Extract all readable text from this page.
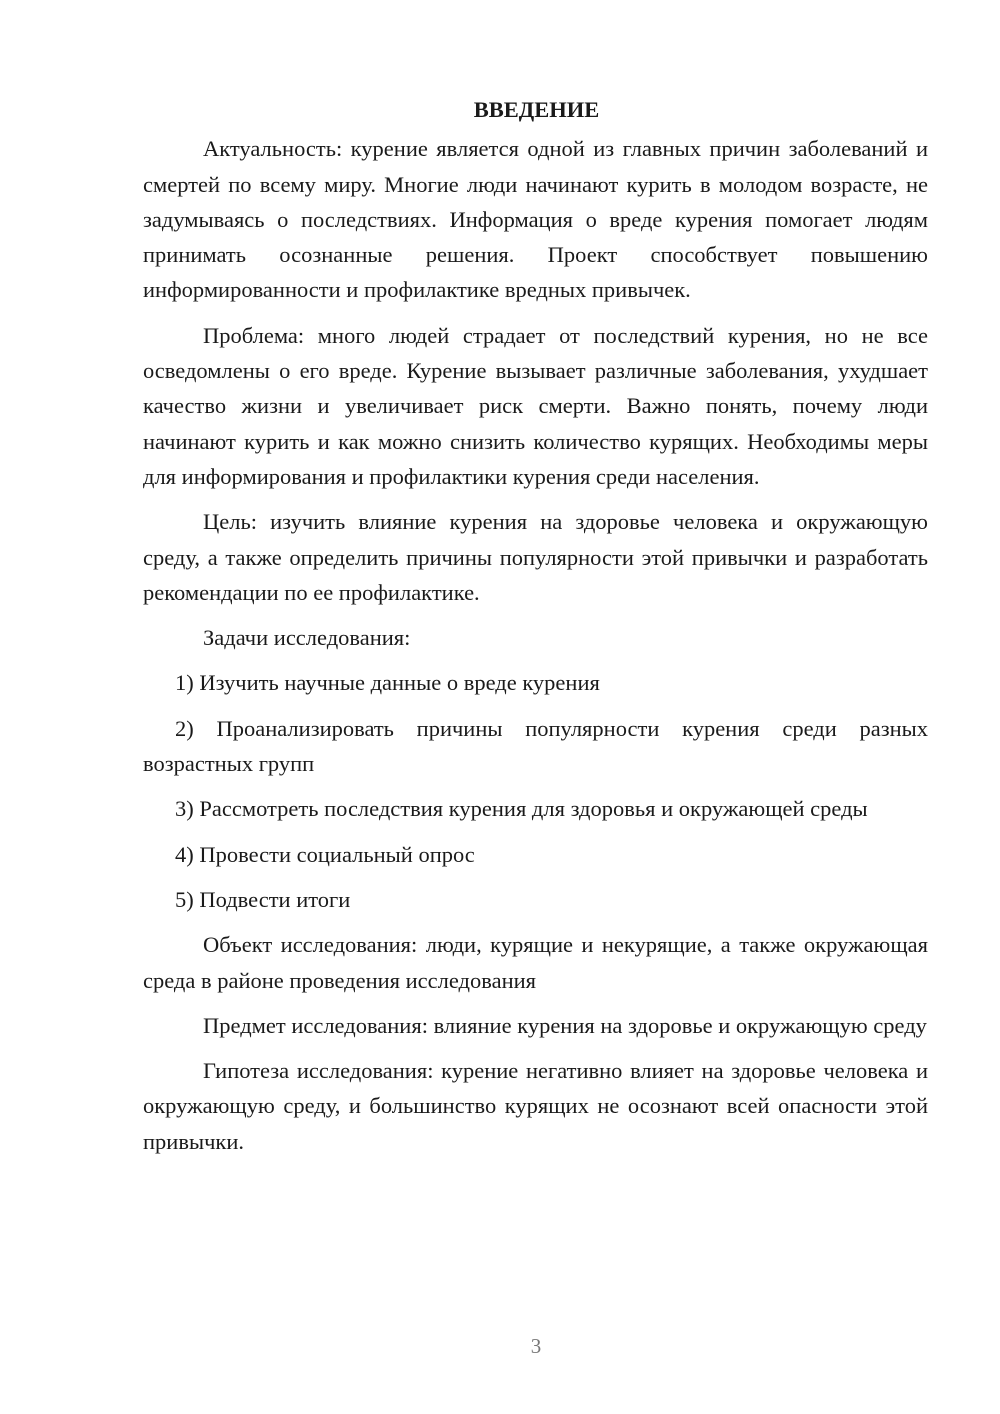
ВВЕДЕНИЕ

Актуальность: курение является одной из главных причин заболеваний и смертей по всему миру. Многие люди начинают курить в молодом возрасте, не задумываясь о последствиях. Информация о вреде курения помогает людям принимать осознанные решения. Проект способствует повышению информированности и профилактике вредных привычек.

Проблема: много людей страдает от последствий курения, но не все осведомлены о его вреде. Курение вызывает различные заболевания, ухудшает качество жизни и увеличивает риск смерти. Важно понять, почему люди начинают курить и как можно снизить количество курящих. Необходимы меры для информирования и профилактики курения среди населения.

Цель: изучить влияние курения на здоровье человека и окружающую среду, а также определить причины популярности этой привычки и разработать рекомендации по ее профилактике.

Задачи исследования:

1) Изучить научные данные о вреде курения

2) Проанализировать причины популярности курения среди разных возрастных групп

3) Рассмотреть последствия курения для здоровья и окружающей среды

4) Провести социальный опрос

5) Подвести итоги

Объект исследования: люди, курящие и некурящие, а также окружающая среда в районе проведения исследования

Предмет исследования: влияние курения на здоровье и окружающую среду

Гипотеза исследования: курение негативно влияет на здоровье человека и окружающую среду, и большинство курящих не осознают всей опасности этой привычки.

3
